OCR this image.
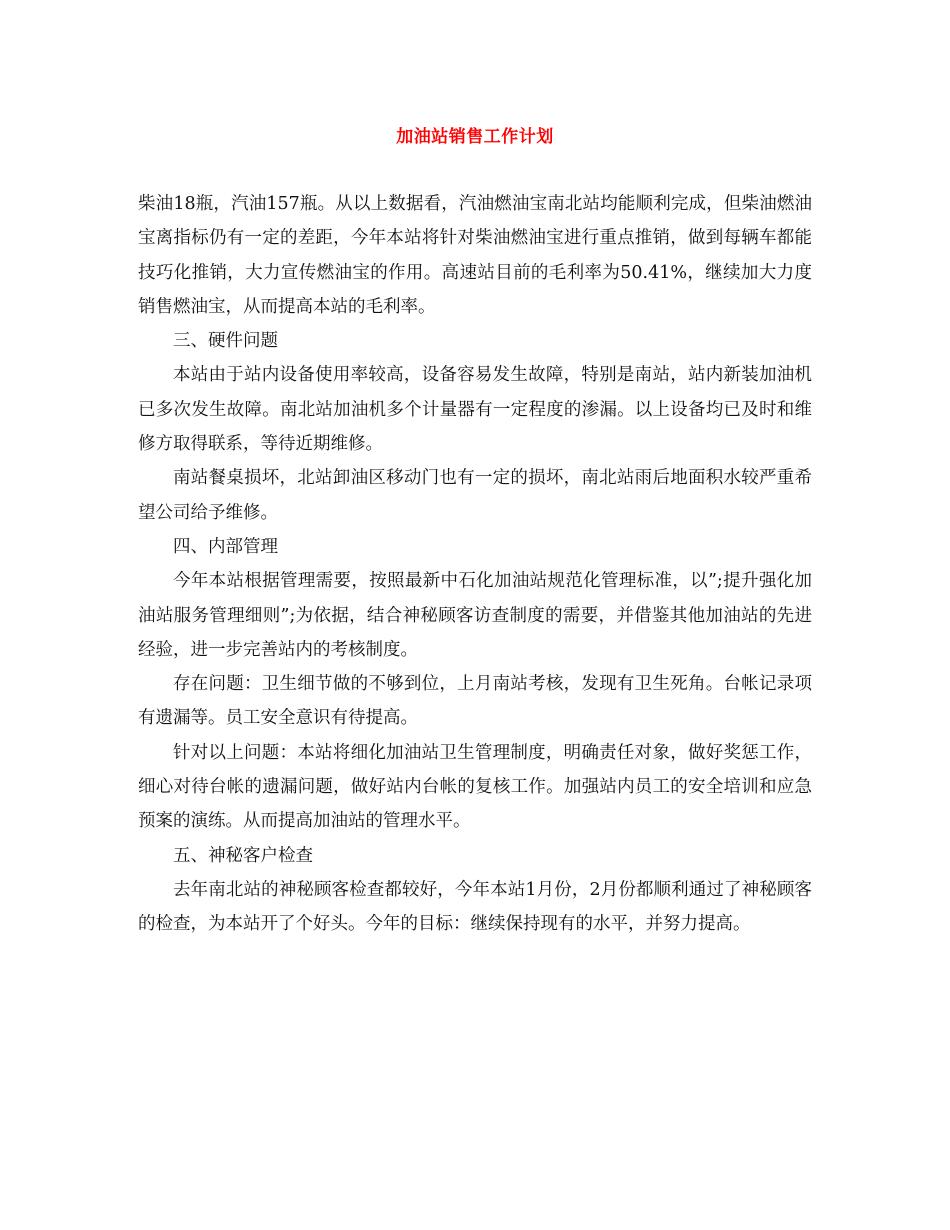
加油站销售工作计划

柴油18瓶，汽油157瓶。从以上数据看，汽油燃油宝南北站均能顺利完成，但柴油燃油宝离指标仍有一定的差距，今年本站将针对柴油燃油宝进行重点推销，做到每辆车都能技巧化推销，大力宣传燃油宝的作用。高速站目前的毛利率为50.41%，继续加大力度销售燃油宝，从而提高本站的毛利率。

三、硬件问题

本站由于站内设备使用率较高，设备容易发生故障，特别是南站，站内新装加油机已多次发生故障。南北站加油机多个计量器有一定程度的渗漏。以上设备均已及时和维修方取得联系，等待近期维修。

南站餐桌损坏，北站卸油区移动门也有一定的损坏，南北站雨后地面积水较严重希望公司给予维修。

四、内部管理

今年本站根据管理需要，按照最新中石化加油站规范化管理标准，以”;提升强化加油站服务管理细则”;为依据，结合神秘顾客访查制度的需要，并借鉴其他加油站的先进经验，进一步完善站内的考核制度。

存在问题：卫生细节做的不够到位，上月南站考核，发现有卫生死角。台帐记录项有遗漏等。员工安全意识有待提高。

针对以上问题：本站将细化加油站卫生管理制度，明确责任对象，做好奖惩工作，细心对待台帐的遗漏问题，做好站内台帐的复核工作。加强站内员工的安全培训和应急预案的演练。从而提高加油站的管理水平。

五、神秘客户检查

去年南北站的神秘顾客检查都较好，今年本站1月份，2月份都顺利通过了神秘顾客的检查，为本站开了个好头。今年的目标：继续保持现有的水平，并努力提高。
